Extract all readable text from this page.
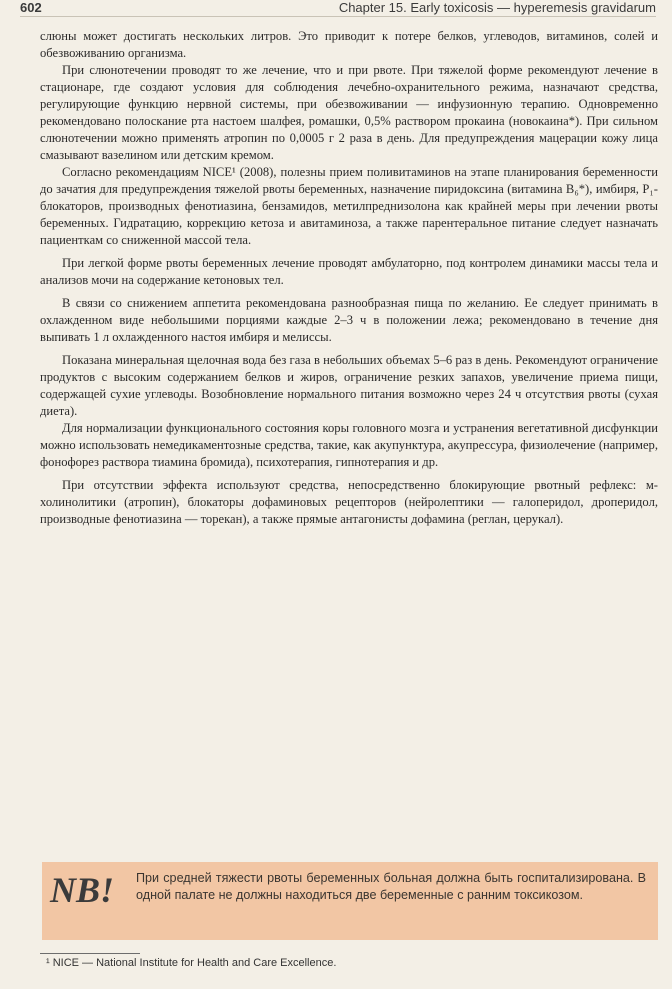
602	Chapter 15. Early toxicosis — hyperemesis gravidarum

слюны может достигать нескольких литров. Это приводит к потере белков, углеводов, витаминов, солей и обезвоживанию организма.

При слюнотечении проводят то же лечение, что и при рвоте. При тяжелой форме рекомендуют лечение в стационаре, где создают условия для соблюдения лечебно-охранительного режима, назначают средства, регулирующие функцию нервной системы, при обезвоживании — инфузионную терапию. Одновременно рекомендовано полоскание рта настоем шалфея, ромашки, 0,5% раствором прокаина (новокаина*). При сильном слюнотечении можно применять атропин по 0,0005 г 2 раза в день. Для предупреждения мацерации кожу лица смазывают вазелином или детским кремом.

Согласно рекомендациям NICE¹ (2008), полезны прием поливитаминов на этапе планирования беременности до зачатия для предупреждения тяжелой рвоты беременных, назначение пиридоксина (витамина B₆*), имбиря, P₁-блокаторов, производных фенотиазина, бензамидов, метилпреднизолона как крайней меры при лечении рвоты беременных. Гидратацию, коррекцию кетоза и авитаминоза, а также парентеральное питание следует назначать пациенткам со сниженной массой тела.

При легкой форме рвоты беременных лечение проводят амбулаторно, под контролем динамики массы тела и анализов мочи на содержание кетоновых тел.

В связи со снижением аппетита рекомендована разнообразная пища по желанию. Ее следует принимать в охлажденном виде небольшими порциями каждые 2–3 ч в положении лежа; рекомендовано в течение дня выпивать 1 л охлажденного настоя имбиря и мелиссы.

Показана минеральная щелочная вода без газа в небольших объемах 5–6 раз в день. Рекомендуют ограничение продуктов с высоким содержанием белков и жиров, ограничение резких запахов, увеличение приема пищи, содержащей сухие углеводы. Возобновление нормального питания возможно через 24 ч отсутствия рвоты (сухая диета).

Для нормализации функционального состояния коры головного мозга и устранения вегетативной дисфункции можно использовать немедикаментозные средства, такие, как акупунктура, акупрессура, физиолечение (например, фонофорез раствора тиамина бромида), психотерапия, гипнотерапия и др.

При отсутствии эффекта используют средства, непосредственно блокирующие рвотный рефлекс: м-холинолитики (атропин), блокаторы дофаминовых рецепторов (нейролептики — галоперидол, дроперидол, производные фенотиазина — торекан), а также прямые антагонисты дофамина (реглан, церукал).

NB!	При средней тяжести рвоты беременных больная должна быть госпитализирована. В одной палате не должны находиться две беременные с ранним токсикозом.
¹ NICE — National Institute for Health and Care Excellence.
